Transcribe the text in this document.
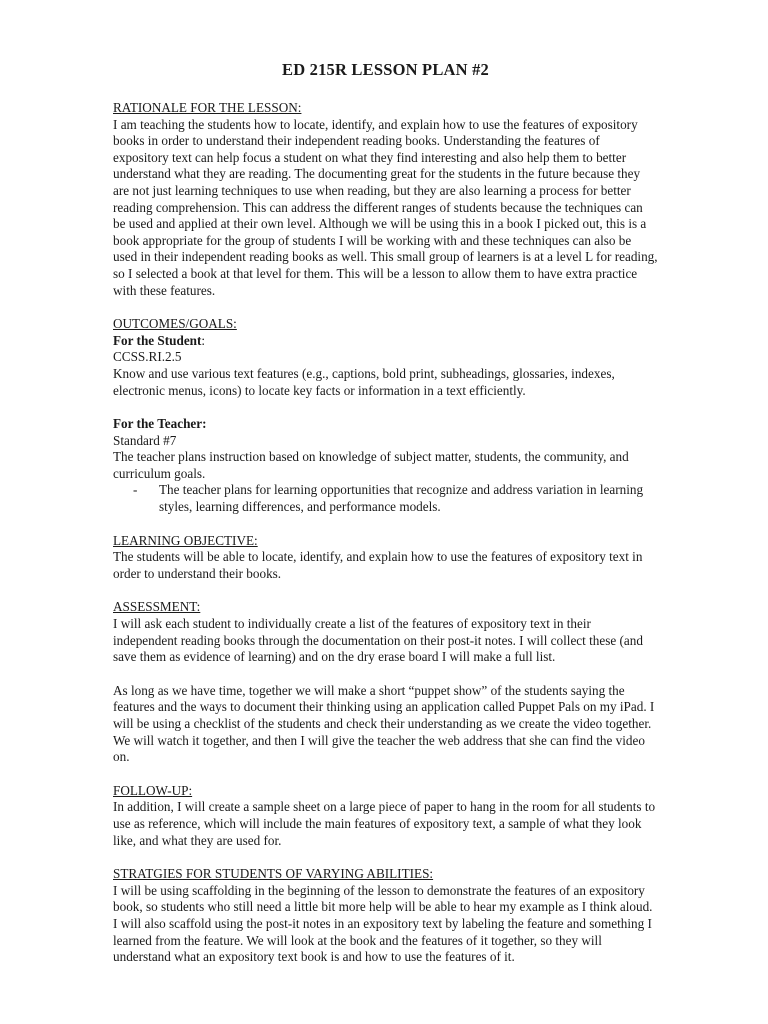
ED 215R LESSON PLAN #2

RATIONALE FOR THE LESSON:

I am teaching the students how to locate, identify, and explain how to use the features of expository books in order to understand their independent reading books. Understanding the features of expository text can help focus a student on what they find interesting and also help them to better understand what they are reading. The documenting great for the students in the future because they are not just learning techniques to use when reading, but they are also learning a process for better reading comprehension. This can address the different ranges of students because the techniques can be used and applied at their own level. Although we will be using this in a book I picked out, this is a book appropriate for the group of students I will be working with and these techniques can also be used in their independent reading books as well. This small group of learners is at a level L for reading, so I selected a book at that level for them. This will be a lesson to allow them to have extra practice with these features.

OUTCOMES/GOALS:

For the Student:

CCSS.RI.2.5

Know and use various text features (e.g., captions, bold print, subheadings, glossaries, indexes, electronic menus, icons) to locate key facts or information in a text efficiently.

For the Teacher:

Standard #7

The teacher plans instruction based on knowledge of subject matter, students, the community, and curriculum goals.

-	The teacher plans for learning opportunities that recognize and address variation in learning styles, learning differences, and performance models.

LEARNING OBJECTIVE:

The students will be able to locate, identify, and explain how to use the features of expository text in order to understand their books.

ASSESSMENT:

I will ask each student to individually create a list of the features of expository text in their independent reading books through the documentation on their post-it notes. I will collect these (and save them as evidence of learning) and on the dry erase board I will make a full list.

As long as we have time, together we will make a short “puppet show” of the students saying the features and the ways to document their thinking using an application called Puppet Pals on my iPad. I will be using a checklist of the students and check their understanding as we create the video together. We will watch it together, and then I will give the teacher the web address that she can find the video on.

FOLLOW-UP:

In addition, I will create a sample sheet on a large piece of paper to hang in the room for all students to use as reference, which will include the main features of expository text, a sample of what they look like, and what they are used for.

STRATGIES FOR STUDENTS OF VARYING ABILITIES:

I will be using scaffolding in the beginning of the lesson to demonstrate the features of an expository book, so students who still need a little bit more help will be able to hear my example as I think aloud. I will also scaffold using the post-it notes in an expository text by labeling the feature and something I learned from the feature. We will look at the book and the features of it together, so they will understand what an expository text book is and how to use the features of it.
